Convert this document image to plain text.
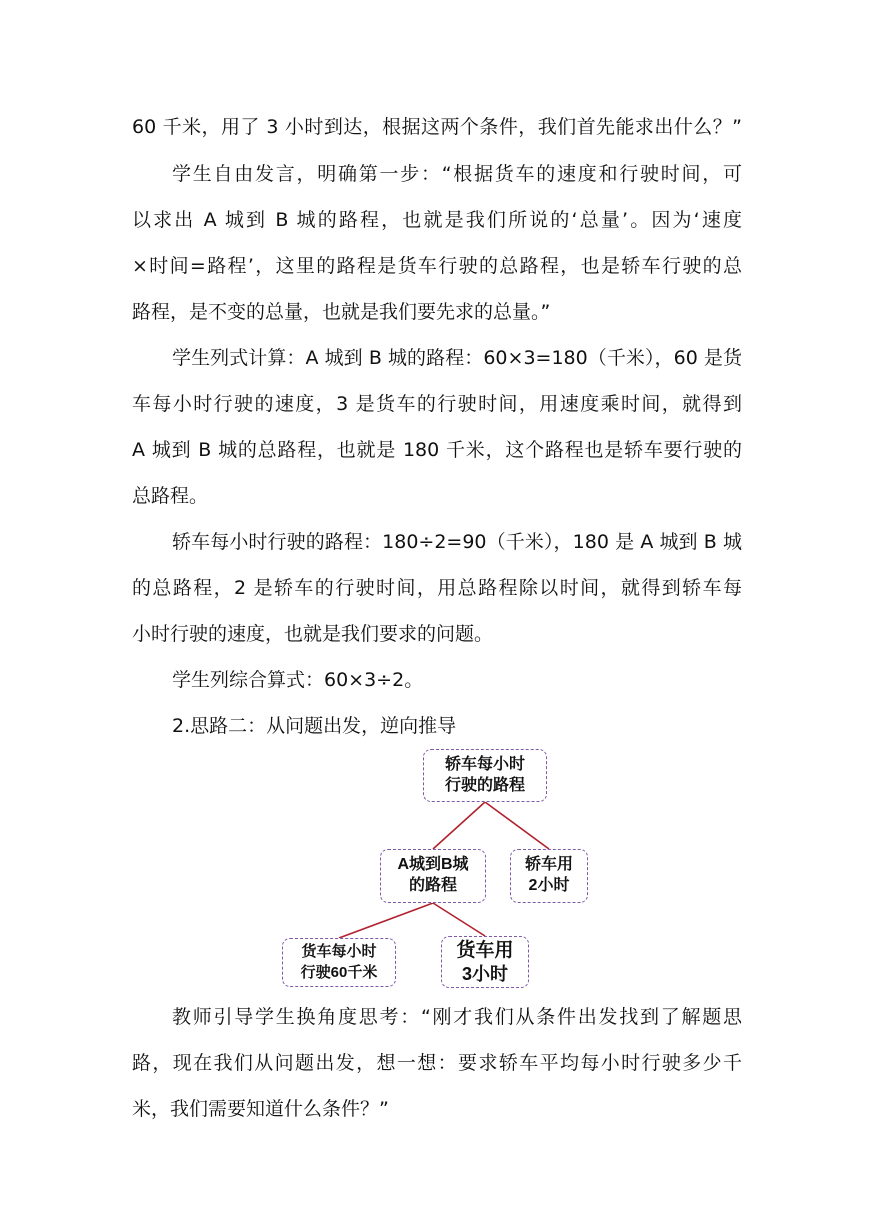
60 千米，用了 3 小时到达，根据这两个条件，我们首先能求出什么？”
学生自由发言，明确第一步：“根据货车的速度和行驶时间，可
以求出 A 城到 B 城的路程，也就是我们所说的‘总量’。因为‘速度
×时间=路程’，这里的路程是货车行驶的总路程，也是轿车行驶的总
路程，是不变的总量，也就是我们要先求的总量。”
学生列式计算：A 城到 B 城的路程：60×3=180（千米），60 是货
车每小时行驶的速度，3 是货车的行驶时间，用速度乘时间，就得到
A 城到 B 城的总路程，也就是 180 千米，这个路程也是轿车要行驶的
总路程。
轿车每小时行驶的路程：180÷2=90（千米），180 是 A 城到 B 城
的总路程，2 是轿车的行驶时间，用总路程除以时间，就得到轿车每
小时行驶的速度，也就是我们要求的问题。
学生列综合算式：60×3÷2。
2.思路二：从问题出发，逆向推导
轿车每小时
行驶的路程
A城到B城
的路程
轿车用
2小时
货车每小时
行驶60千米
货车用
3小时
教师引导学生换角度思考：“刚才我们从条件出发找到了解题思
路，现在我们从问题出发，想一想：要求轿车平均每小时行驶多少千
米，我们需要知道什么条件？”
